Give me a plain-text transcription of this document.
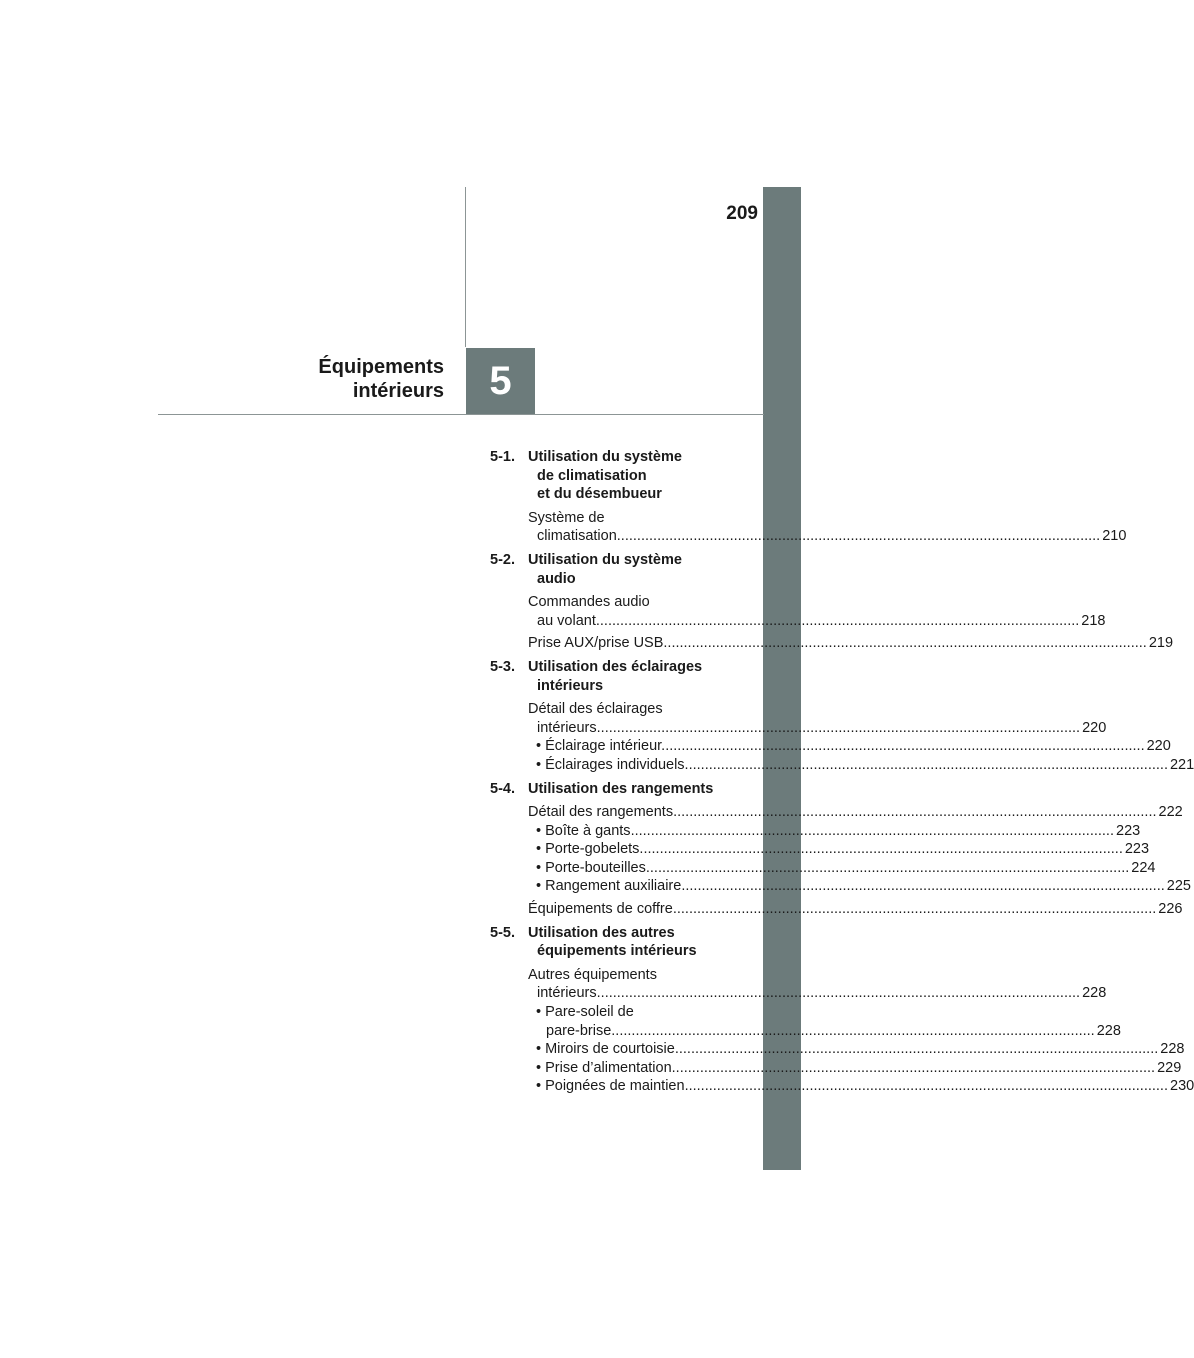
209
5
Équipements
intérieurs
5-1. Utilisation du système
de climatisation
et du désembueur
Système de
climatisation .....	210
5-2. Utilisation du système
audio
Commandes audio
au volant .....	218
Prise AUX/prise USB .....	219
5-3. Utilisation des éclairages
intérieurs
Détail des éclairages
intérieurs .....	220
• Éclairage intérieur .....	220
• Éclairages individuels .....	221
5-4. Utilisation des rangements
Détail des rangements .....	222
• Boîte à gants .....	223
• Porte-gobelets .....	223
• Porte-bouteilles .....	224
• Rangement auxiliaire .....	225
Équipements de coffre .....	226
5-5. Utilisation des autres
équipements intérieurs
Autres équipements
intérieurs .....	228
• Pare-soleil de
pare-brise .....	228
• Miroirs de courtoisie .....	228
• Prise d’alimentation .....	229
• Poignées de maintien .....	230
